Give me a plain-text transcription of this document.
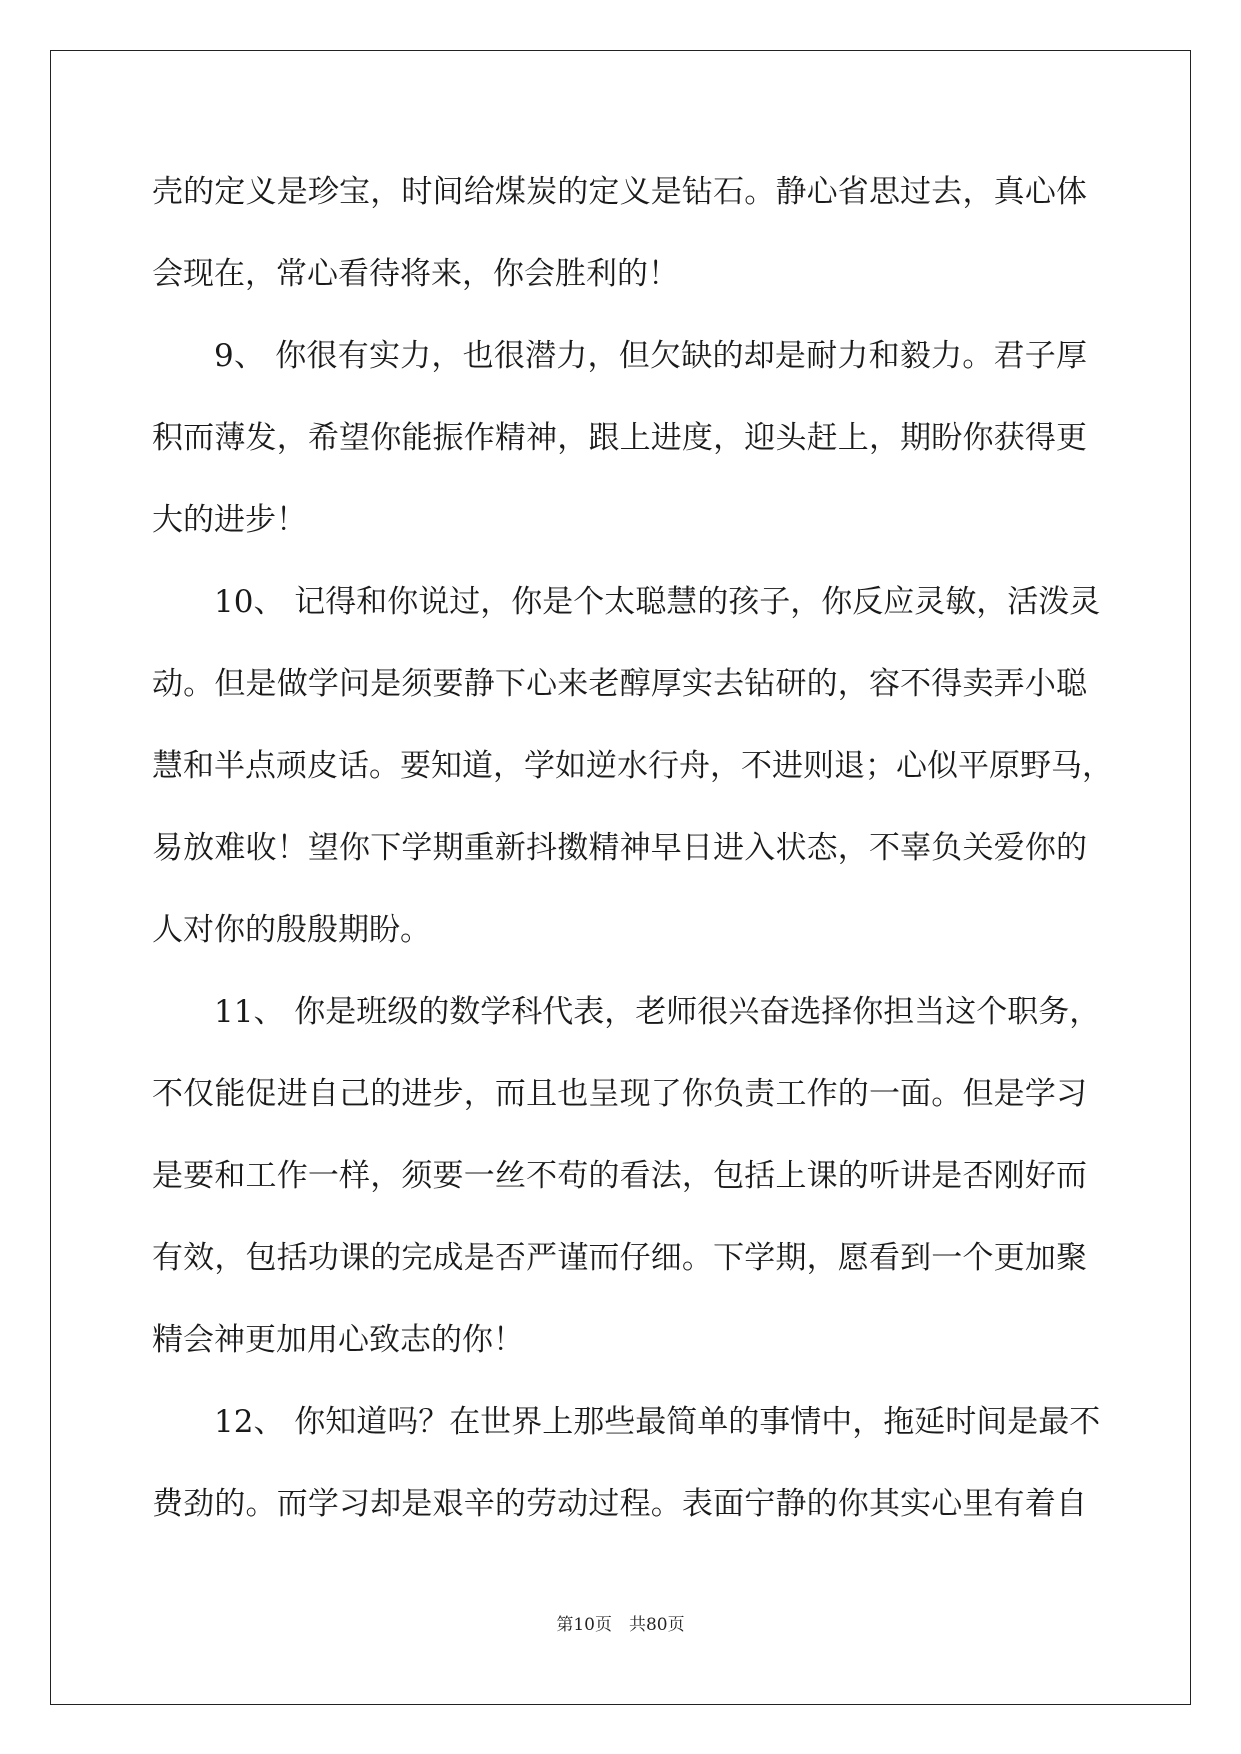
壳的定义是珍宝，时间给煤炭的定义是钻石。静心省思过去，真心体
会现在，常心看待将来，你会胜利的！
9、 你很有实力，也很潜力，但欠缺的却是耐力和毅力。君子厚
积而薄发，希望你能振作精神，跟上进度，迎头赶上，期盼你获得更
大的进步！
10、 记得和你说过，你是个太聪慧的孩子，你反应灵敏，活泼灵
动。但是做学问是须要静下心来老醇厚实去钻研的，容不得卖弄小聪
慧和半点顽皮话。要知道，学如逆水行舟，不进则退；心似平原野马，
易放难收！望你下学期重新抖擞精神早日进入状态，不辜负关爱你的
人对你的殷殷期盼。
11、 你是班级的数学科代表，老师很兴奋选择你担当这个职务，
不仅能促进自己的进步，而且也呈现了你负责工作的一面。但是学习
是要和工作一样，须要一丝不苟的看法，包括上课的听讲是否刚好而
有效，包括功课的完成是否严谨而仔细。下学期，愿看到一个更加聚
精会神更加用心致志的你！
12、 你知道吗？在世界上那些最简单的事情中，拖延时间是最不
费劲的。而学习却是艰辛的劳动过程。表面宁静的你其实心里有着自
第10页　共80页
